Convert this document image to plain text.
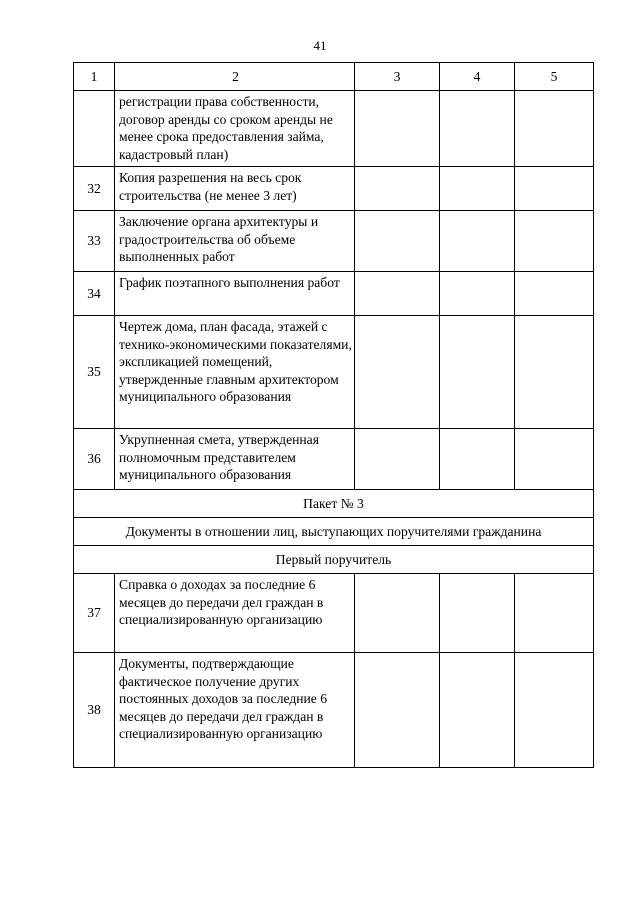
41
1	2	3	4	5

	регистрации права собственности, договор аренды со сроком аренды не менее срока предоставления займа, кадастровый план)			

32	Копия разрешения на весь срок строительства (не менее 3 лет)			

33	Заключение органа архитектуры и градостроительства об объеме выполненных работ			

34	График поэтапного выполнения работ			

35	Чертеж дома, план фасада, этажей с технико-экономическими показателями, экспликацией помещений, утвержденные главным архитектором муниципального образования			

36	Укрупненная смета, утвержденная полномочным представителем муниципального образования			

Пакет № 3				
Документы в отношении лиц, выступающих поручителями гражданина				
Первый поручитель				
37	Справка о доходах за последние 6 месяцев до передачи дел граждан в специализированную организацию			

38	Документы, подтверждающие фактическое получение других постоянных доходов за последние 6 месяцев до передачи дел граждан в специализированную организацию			
